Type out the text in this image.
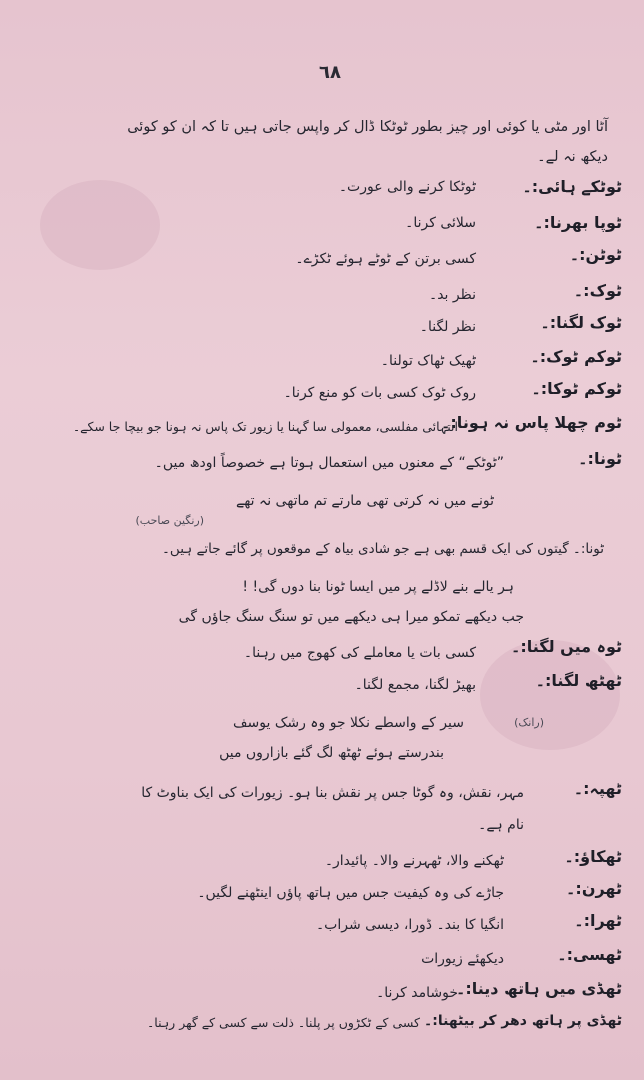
٦٨
آٹا اور مٹی یا کوئی اور چیز بطور ٹوٹکا ڈال کر واپس جاتی ہیں تا کہ ان کو کوئی
دیکھ نہ لے۔
ٹوٹکے ہائی:۔
ٹوٹکا کرنے والی عورت۔
ٹوپا بھرنا:۔
سلائی کرنا۔
ٹوٹن:۔
کسی برتن کے ٹوٹے ہوئے ٹکڑے۔
ٹوک:۔
نظر بد۔
ٹوک لگنا:۔
نظر لگنا۔
ٹوکم ٹوک:۔
ٹھیک ٹھاک تولنا۔
ٹوکم ٹوکا:۔
روک ٹوک کسی بات کو منع کرنا۔
ٹوم چھلا پاس نہ ہونا:۔
انتہائی مفلسی، معمولی سا گہنا یا زیور تک پاس نہ ہونا جو بیچا جا سکے۔
ٹونا:۔
”ٹوٹکے“ کے معنوں میں استعمال ہوتا ہے خصوصاً اودھ میں۔
ٹونے میں نہ کرتی تھی مارتے تم ماتھی نہ تھے
(رنگین صاحب)
ٹونا:۔ گیتوں کی ایک قسم بھی ہے جو شادی بیاہ کے موقعوں پر گائے جاتے ہیں۔
ہر یالے بنے لاڈلے پر میں ایسا ٹونا بنا دوں گی! !
جب دیکھے تمکو میرا ہی دیکھے میں تو سنگ سنگ جاؤں گی
ٹوہ میں لگنا:۔
کسی بات یا معاملے کی کھوج میں رہنا۔
ٹھٹھ لگنا:۔
بھیڑ لگنا، مجمع لگنا۔
سیر کے واسطے نکلا جو وہ رشک یوسف	(رانک)
بندرستے ہوئے ٹھٹھ لگ گئے بازاروں میں
ٹھپہ:۔
مہر، نقش، وہ گوٹا جس پر نقش بنا ہو۔ زیورات کی ایک بناوٹ کا
نام ہے۔
ٹھکاؤ:۔
ٹھکنے والا، ٹھہرنے والا۔ پائیدار۔
ٹھرن:۔
جاڑے کی وہ کیفیت جس میں ہاتھ پاؤں اینٹھنے لگیں۔
ٹھرا:۔
انگیا کا بند۔ ڈورا، دیسی شراب۔
ٹھسی:۔
دیکھئے زیورات
ٹھڈی میں ہاتھ دینا:۔
خوشامد کرنا۔
ٹھڈی پر ہاتھ دھر کر بیٹھنا:۔
کسی کے ٹکڑوں پر پلنا۔ ذلت سے کسی کے گھر رہنا۔
